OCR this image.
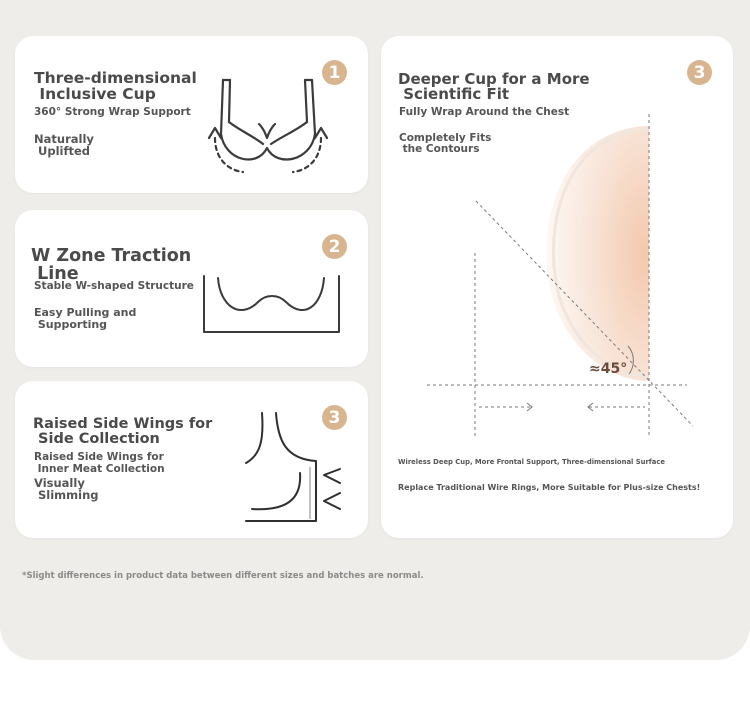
Three-dimensional
Inclusive Cup

360° Strong Wrap Support

Naturally
Uplifted

1
W Zone Traction
Line

Stable W-shaped Structure

Easy Pulling and
Supporting

2
Raised Side Wings for
Side Collection

Raised Side Wings for
Inner Meat Collection

Visually
Slimming

3
Deeper Cup for a More
Scientific Fit

Fully Wrap Around the Chest

Completely Fits
the Contours

3
≈45°

Wireless Deep Cup, More Frontal Support, Three-dimensional Surface

Replace Traditional Wire Rings, More Suitable for Plus-size Chests!

*Slight differences in product data between different sizes and batches are normal.
